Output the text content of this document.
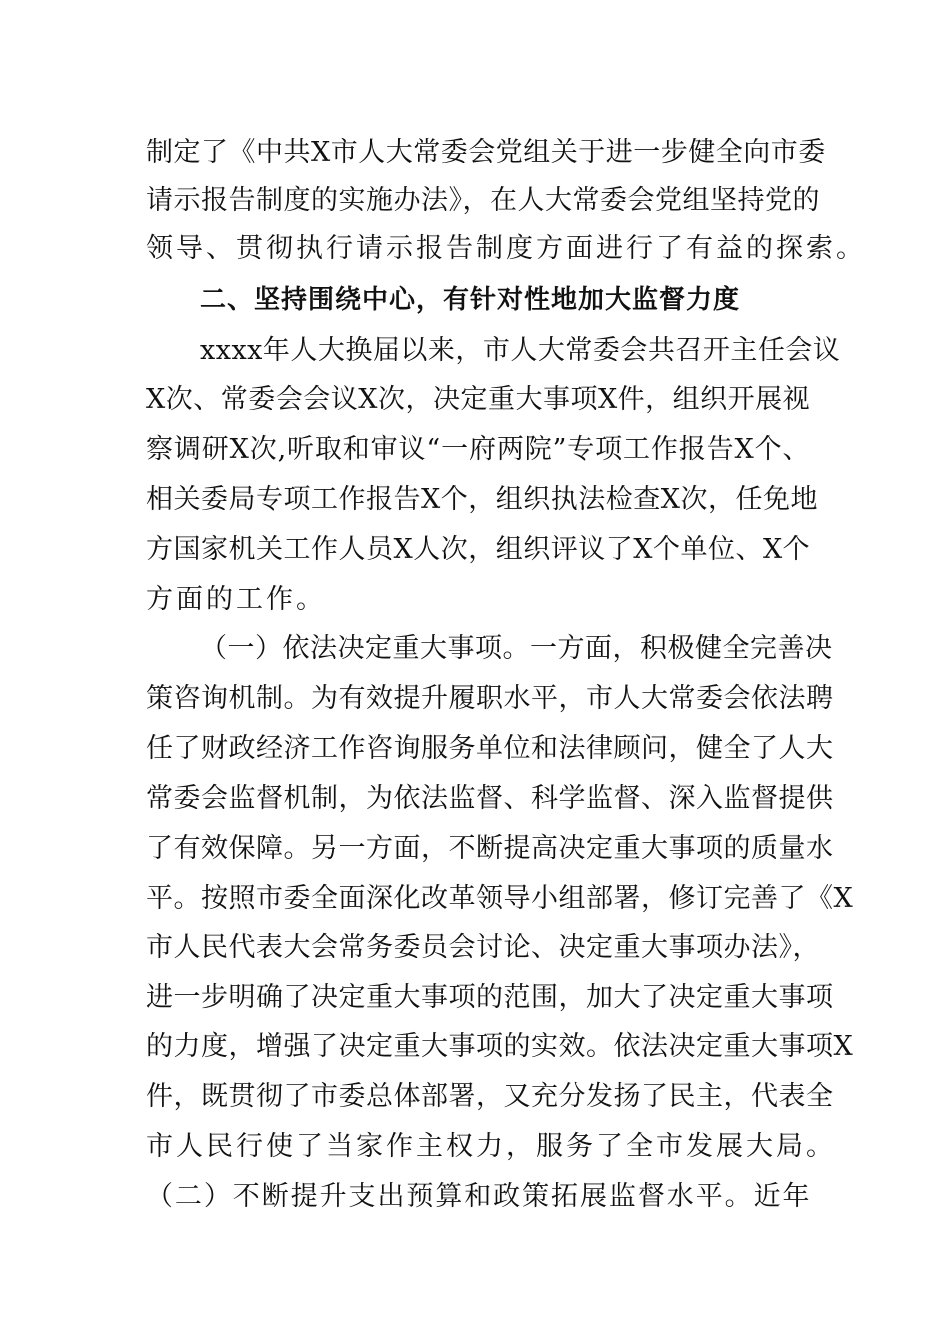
制定了《中共X市人大常委会党组关于进一步健全向市委
请示报告制度的实施办法》，在人大常委会党组坚持党的
领导、贯彻执行请示报告制度方面进行了有益的探索。
二、坚持围绕中心，有针对性地加大监督力度
xxxx年人大换届以来，市人大常委会共召开主任会议
X次、常委会会议X次，决定重大事项X件，组织开展视
察调研X次,听取和审议“一府两院”专项工作报告X个、
相关委局专项工作报告X个，组织执法检查X次，任免地
方国家机关工作人员X人次，组织评议了X个单位、X个
方面的工作。
（一）依法决定重大事项。一方面，积极健全完善决
策咨询机制。为有效提升履职水平，市人大常委会依法聘
任了财政经济工作咨询服务单位和法律顾问，健全了人大
常委会监督机制，为依法监督、科学监督、深入监督提供
了有效保障。另一方面，不断提高决定重大事项的质量水
平。按照市委全面深化改革领导小组部署，修订完善了《X
市人民代表大会常务委员会讨论、决定重大事项办法》，
进一步明确了决定重大事项的范围，加大了决定重大事项
的力度，增强了决定重大事项的实效。依法决定重大事项X
件，既贯彻了市委总体部署，又充分发扬了民主，代表全
市人民行使了当家作主权力，服务了全市发展大局。
（二）不断提升支出预算和政策拓展监督水平。近年
